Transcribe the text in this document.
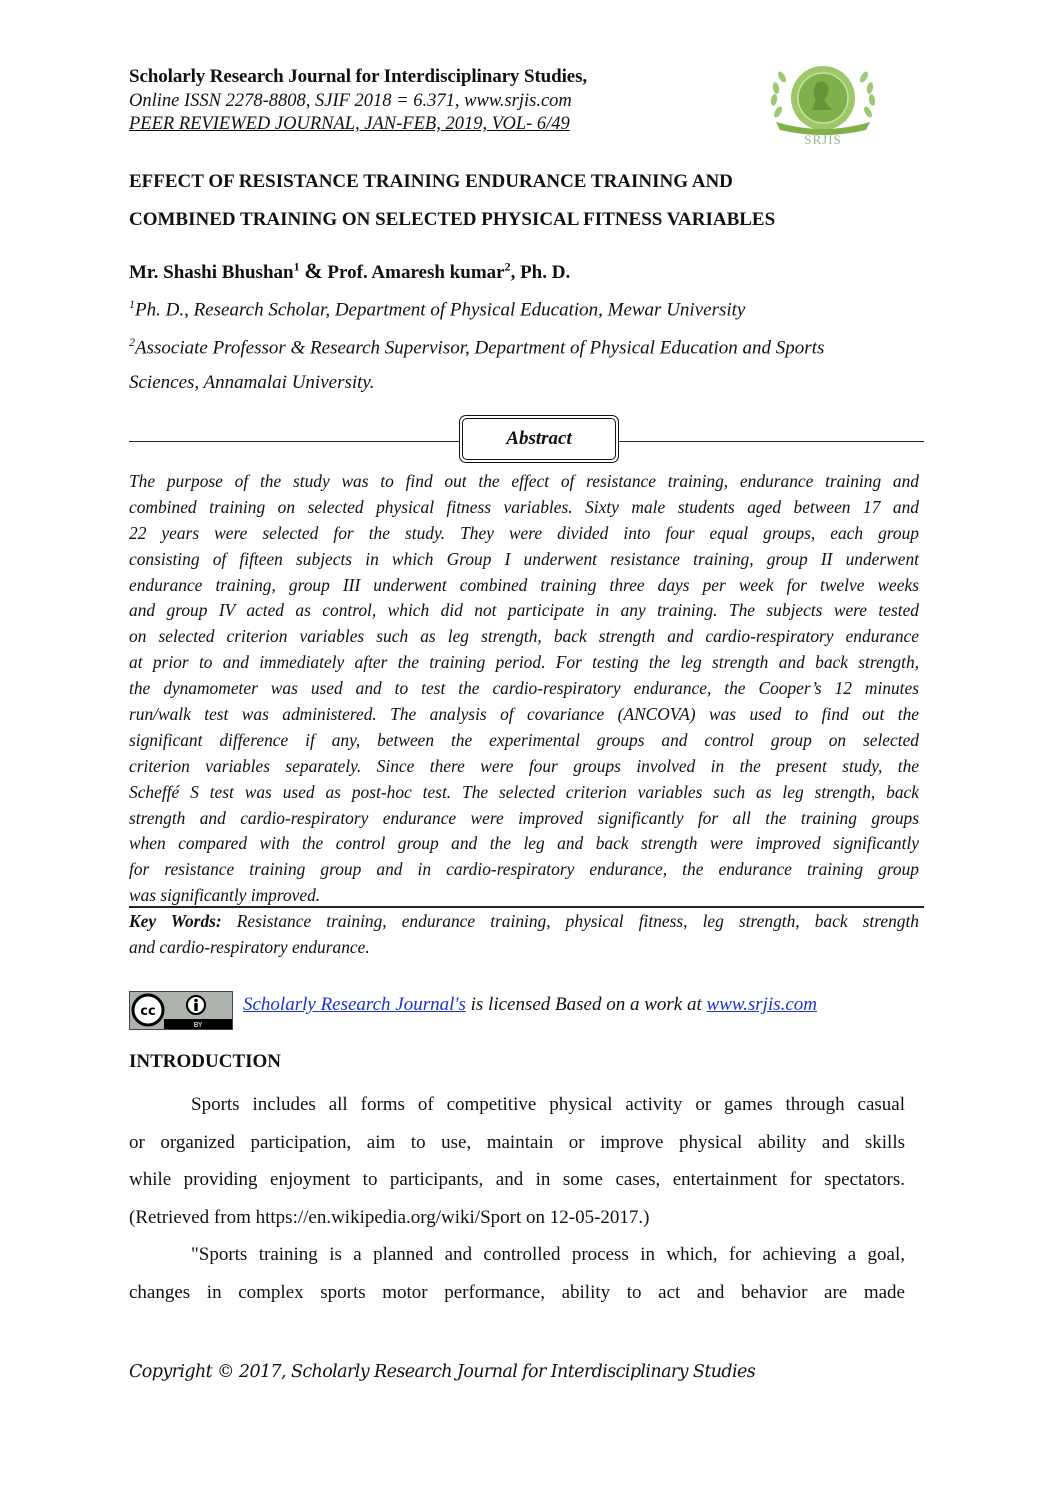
Scholarly Research Journal for Interdisciplinary Studies,
Online ISSN 2278-8808, SJIF 2018 = 6.371, www.srjis.com
PEER REVIEWED JOURNAL, JAN-FEB, 2019, VOL- 6/49
SRJIS
EFFECT OF RESISTANCE TRAINING ENDURANCE TRAINING AND
COMBINED TRAINING ON SELECTED PHYSICAL FITNESS VARIABLES
Mr. Shashi Bhushan$^1$ & Prof. Amaresh kumar$^2$, Ph. D.
$^1$Ph. D., Research Scholar, Department of Physical Education, Mewar University
$^2$Associate Professor & Research Supervisor, Department of Physical Education and Sports
Sciences, Annamalai University.
Abstract
The purpose of the study was to find out the effect of resistance training, endurance training and
combined training on selected physical fitness variables. Sixty male students aged between 17 and
22 years were selected for the study. They were divided into four equal groups, each group
consisting of fifteen subjects in which Group I underwent resistance training, group II underwent
endurance training, group III underwent combined training three days per week for twelve weeks
and group IV acted as control, which did not participate in any training. The subjects were tested
on selected criterion variables such as leg strength, back strength and cardio-respiratory endurance
at prior to and immediately after the training period. For testing the leg strength and back strength,
the dynamometer was used and to test the cardio-respiratory endurance, the Cooper’s 12 minutes
run/walk test was administered. The analysis of covariance (ANCOVA) was used to find out the
significant difference if any, between the experimental groups and control group on selected
criterion variables separately. Since there were four groups involved in the present study, the
Scheffé S test was used as post-hoc test. The selected criterion variables such as leg strength, back
strength and cardio-respiratory endurance were improved significantly for all the training groups
when compared with the control group and the leg and back strength were improved significantly
for resistance training group and in cardio-respiratory endurance, the endurance training group
was significantly improved.
Key Words: Resistance training, endurance training, physical fitness, leg strength, back strength
and cardio-respiratory endurance.
cc
BY
Scholarly Research Journal's is licensed Based on a work at www.srjis.com
INTRODUCTION
Sports includes all forms of competitive physical activity or games through casual
or organized participation, aim to use, maintain or improve physical ability and skills
while providing enjoyment to participants, and in some cases, entertainment for spectators.
(Retrieved from https://en.wikipedia.org/wiki/Sport on 12-05-2017.)
"Sports training is a planned and controlled process in which, for achieving a goal,
changes in complex sports motor performance, ability to act and behavior are made
Copyright © 2017, Scholarly Research Journal for Interdisciplinary Studies
